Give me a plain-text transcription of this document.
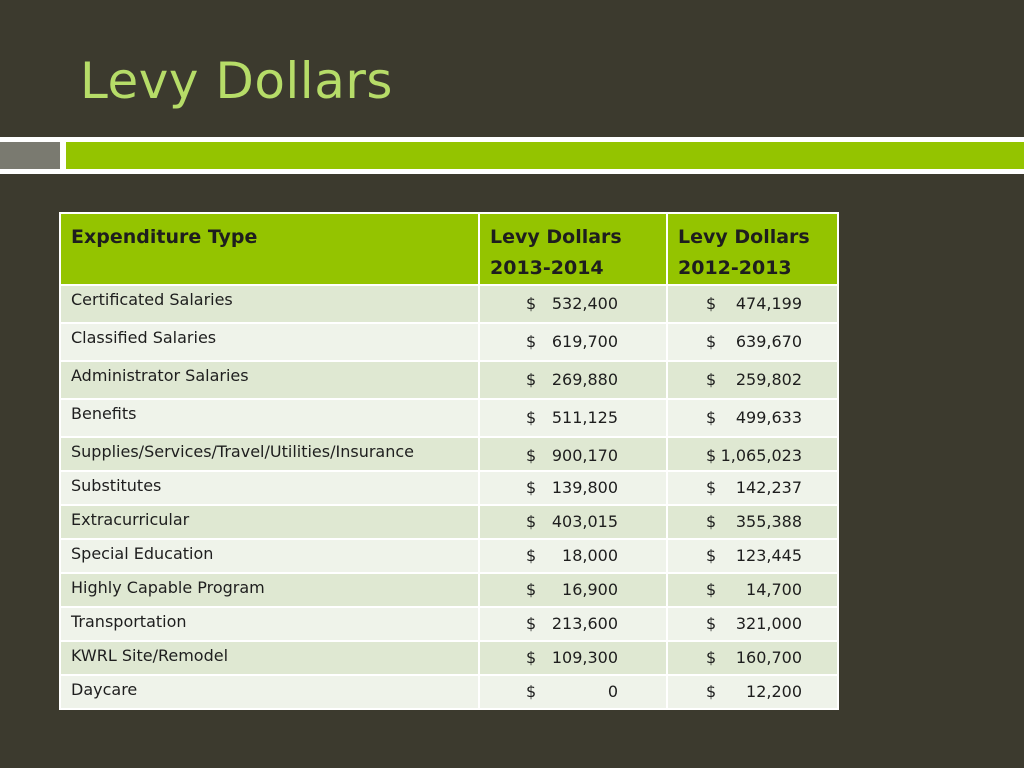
Levy Dollars
Expenditure Type	Levy Dollars 2013-2014	Levy Dollars 2012-2013
Certificated Salaries	$ 532,400	$ 474,199

Classified Salaries	$ 619,700	$ 639,670

Administrator Salaries	$ 269,880	$ 259,802

Benefits	$ 511,125	$ 499,633

Supplies/Services/Travel/Utilities/Insurance	$ 900,170	$ 1,065,023

Substitutes	$ 139,800	$ 142,237

Extracurricular	$ 403,015	$ 355,388

Special Education	$ 18,000	$ 123,445

Highly Capable Program	$ 16,900	$ 14,700

Transportation	$ 213,600	$ 321,000

KWRL Site/Remodel	$ 109,300	$ 160,700

Daycare	$ 0	$ 12,200
